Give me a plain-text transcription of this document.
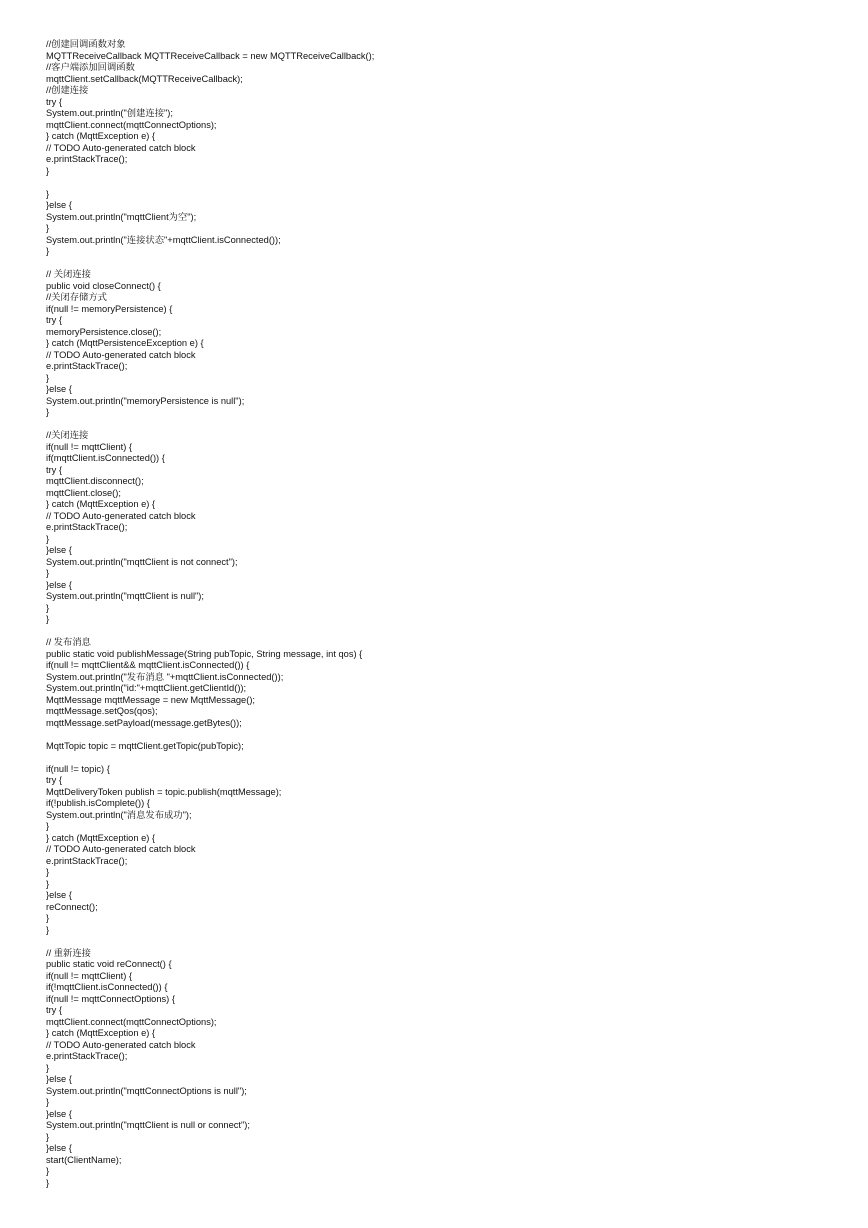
//创建回调函数对象
MQTTReceiveCallback MQTTReceiveCallback = new MQTTReceiveCallback();
//客户端添加回调函数
mqttClient.setCallback(MQTTReceiveCallback);
//创建连接
try {
System.out.println("创建连接");
mqttClient.connect(mqttConnectOptions);
} catch (MqttException e) {
// TODO Auto-generated catch block
e.printStackTrace();
}
}
}else {
System.out.println("mqttClient为空");
}
System.out.println("连接状态"+mqttClient.isConnected());
}
// 关闭连接
public void closeConnect() {
//关闭存储方式
if(null != memoryPersistence) {
try {
memoryPersistence.close();
} catch (MqttPersistenceException e) {
// TODO Auto-generated catch block
e.printStackTrace();
}
}else {
System.out.println("memoryPersistence is null");
}
//关闭连接
if(null != mqttClient) {
if(mqttClient.isConnected()) {
try {
mqttClient.disconnect();
mqttClient.close();
} catch (MqttException e) {
// TODO Auto-generated catch block
e.printStackTrace();
}
}else {
System.out.println("mqttClient is not connect");
}
}else {
System.out.println("mqttClient is null");
}
}
// 发布消息
public static void publishMessage(String pubTopic, String message, int qos) {
if(null != mqttClient&& mqttClient.isConnected()) {
System.out.println("发布消息 "+mqttClient.isConnected());
System.out.println("id:"+mqttClient.getClientId());
MqttMessage mqttMessage = new MqttMessage();
mqttMessage.setQos(qos);
mqttMessage.setPayload(message.getBytes());
MqttTopic topic = mqttClient.getTopic(pubTopic);
if(null != topic) {
try {
MqttDeliveryToken publish = topic.publish(mqttMessage);
if(!publish.isComplete()) {
System.out.println("消息发布成功");
}
} catch (MqttException e) {
// TODO Auto-generated catch block
e.printStackTrace();
}
}
}else {
reConnect();
}
}
// 重新连接
public static void reConnect() {
if(null != mqttClient) {
if(!mqttClient.isConnected()) {
if(null != mqttConnectOptions) {
try {
mqttClient.connect(mqttConnectOptions);
} catch (MqttException e) {
// TODO Auto-generated catch block
e.printStackTrace();
}
}else {
System.out.println("mqttConnectOptions is null");
}
}else {
System.out.println("mqttClient is null or connect");
}
}else {
start(ClientName);
}
}
